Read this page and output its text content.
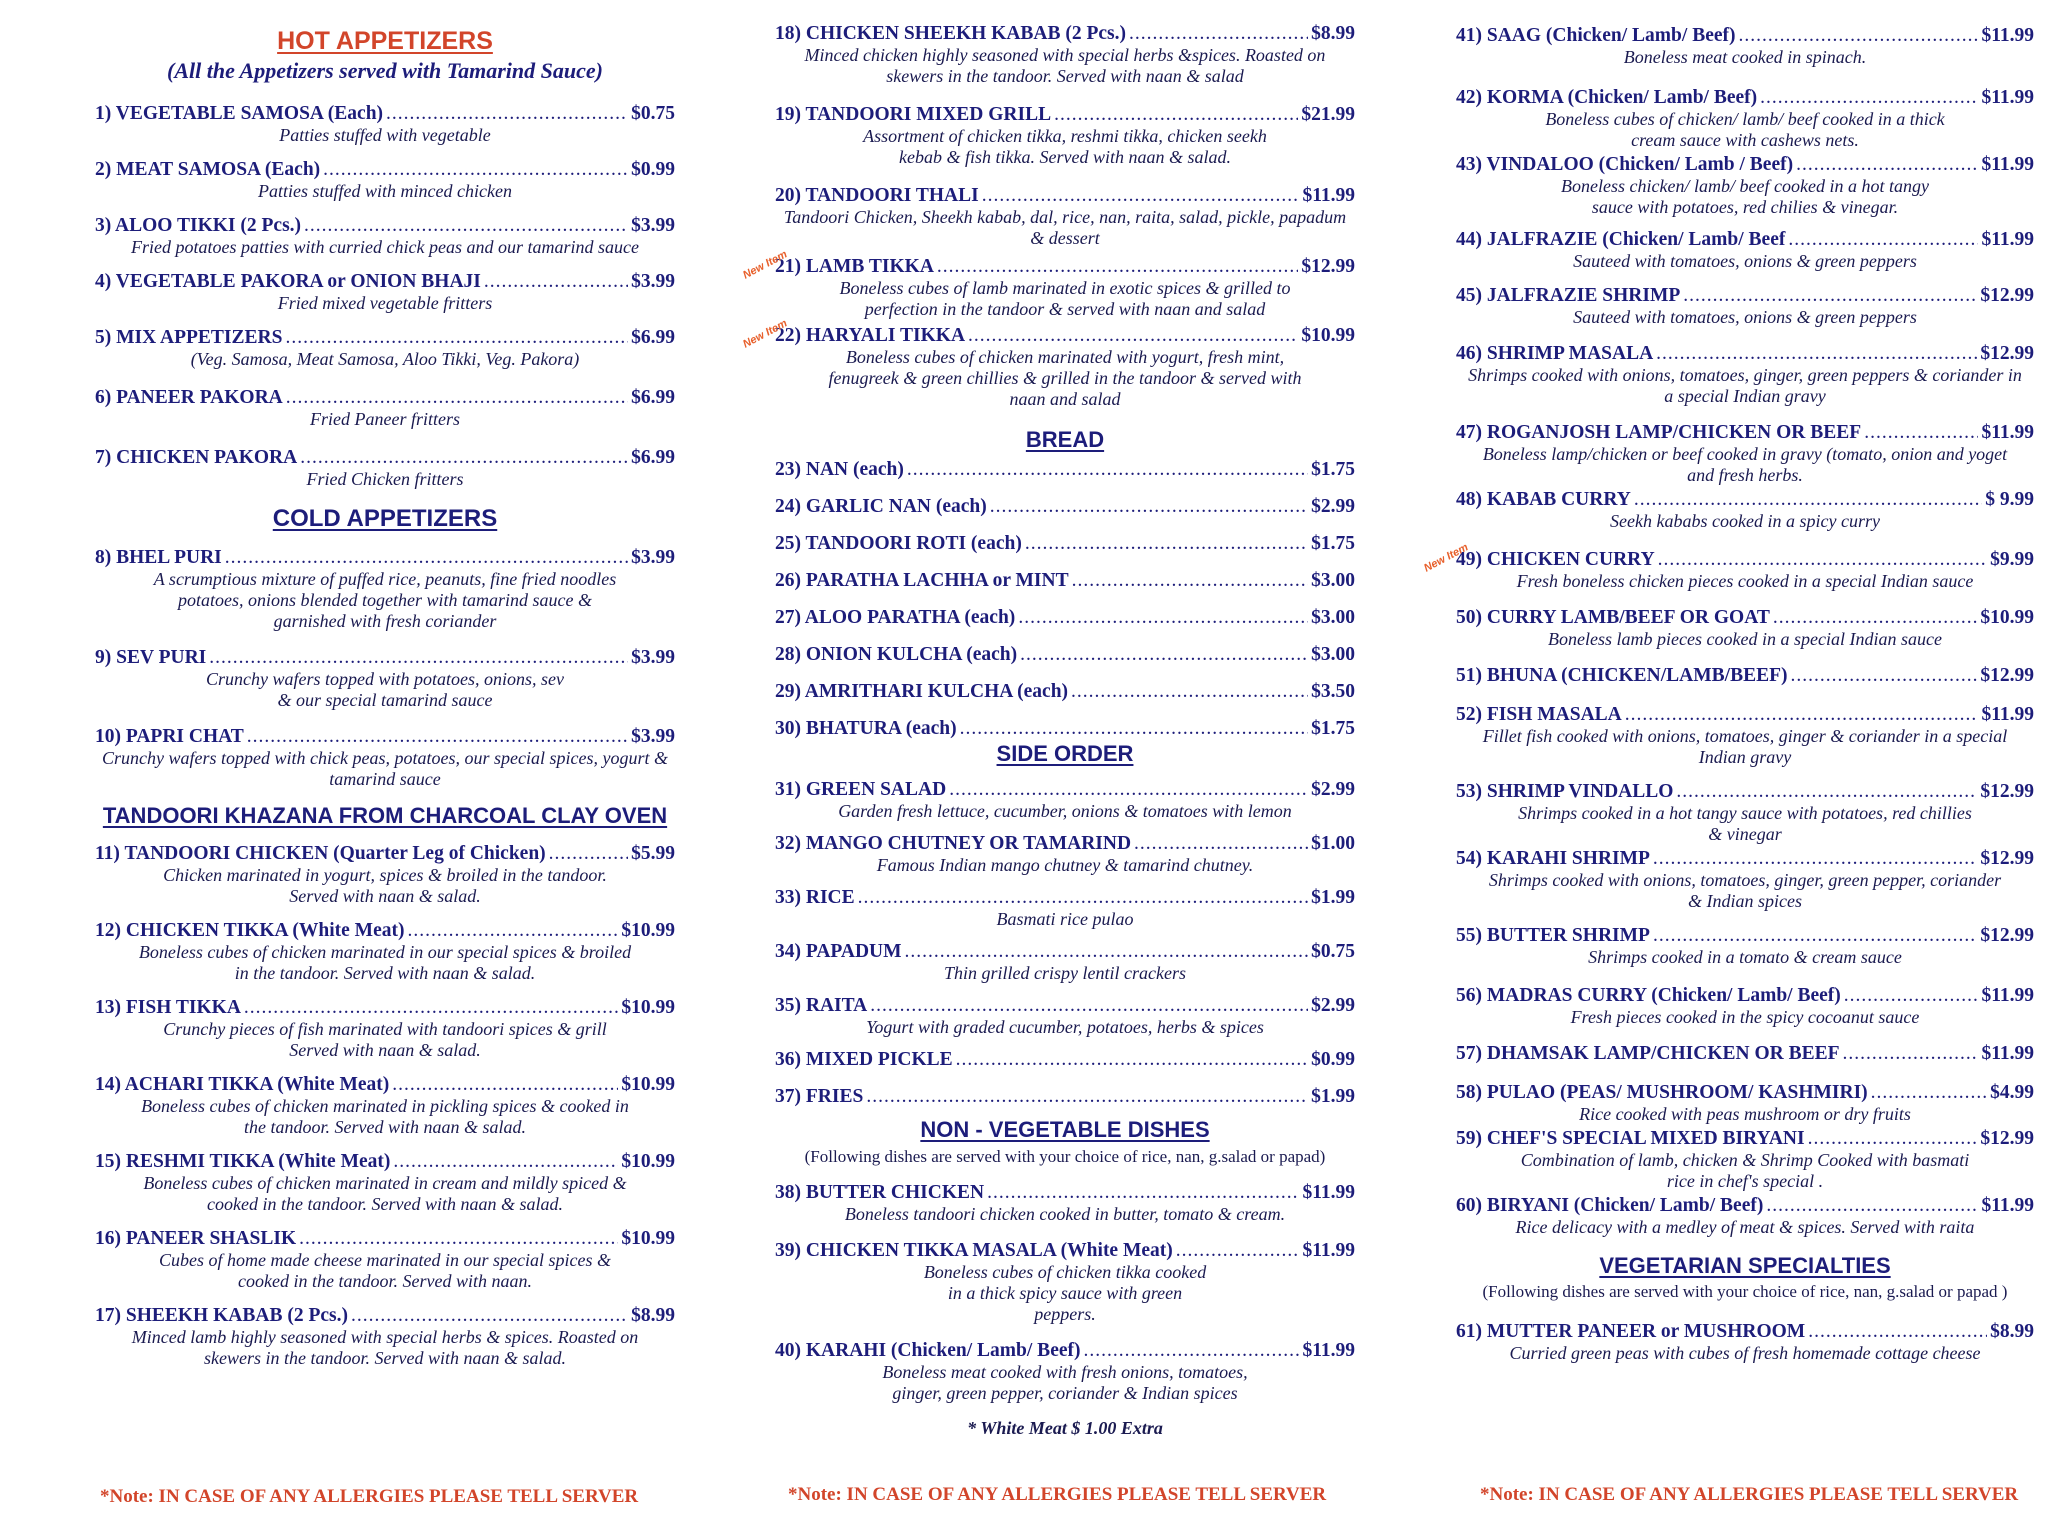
HOT APPETIZERS
(All the Appetizers served with Tamarind Sauce)
1) VEGETABLE SAMOSA (Each) .....	$0.75
Patties stuffed with vegetable
2) MEAT SAMOSA (Each) .....	$0.99
Patties stuffed with minced chicken
3) ALOO TIKKI (2 Pcs.) .....	$3.99
Fried potatoes patties with curried chick peas and our tamarind sauce
4) VEGETABLE PAKORA or ONION BHAJI .....	$3.99
Fried mixed vegetable fritters
5) MIX APPETIZERS .....	$6.99
(Veg. Samosa, Meat Samosa, Aloo Tikki, Veg. Pakora)
6) PANEER PAKORA .....	$6.99
Fried Paneer fritters
7) CHICKEN PAKORA .....	$6.99
Fried Chicken fritters
COLD APPETIZERS
8) BHEL PURI .....	$3.99
A scrumptious mixture of puffed rice, peanuts, fine fried noodles potatoes, onions blended together with tamarind sauce & garnished with fresh coriander
9) SEV PURI .....	$3.99
Crunchy wafers topped with potatoes, onions, sev & our special tamarind sauce
10) PAPRI CHAT .....	$3.99
Crunchy wafers topped with chick peas, potatoes, our special spices, yogurt & tamarind sauce
TANDOORI KHAZANA FROM CHARCOAL CLAY OVEN
11) TANDOORI CHICKEN (Quarter Leg of Chicken) .....	$5.99
Chicken marinated in yogurt, spices & broiled in the tandoor. Served with naan & salad.
12) CHICKEN TIKKA (White Meat) .....	$10.99
Boneless cubes of chicken marinated in our special spices & broiled in the tandoor. Served with naan & salad.
13) FISH TIKKA .....	$10.99
Crunchy pieces of fish marinated with tandoori spices & grill Served with naan & salad.
14) ACHARI TIKKA (White Meat) .....	$10.99
Boneless cubes of chicken marinated in pickling spices & cooked in the tandoor. Served with naan & salad.
15) RESHMI TIKKA (White Meat) .....	$10.99
Boneless cubes of chicken marinated in cream and mildly spiced & cooked in the tandoor. Served with naan & salad.
16) PANEER SHASLIK .....	$10.99
Cubes of home made cheese marinated in our special spices & cooked in the tandoor. Served with naan.
17) SHEEKH KABAB (2 Pcs.) .....	$8.99
Minced lamb highly seasoned with special herbs & spices. Roasted on skewers in the tandoor. Served with naan & salad.
18) CHICKEN SHEEKH KABAB (2 Pcs.) .....	$8.99
Minced chicken highly seasoned with special herbs &spices. Roasted on skewers in the tandoor. Served with naan & salad
19) TANDOORI MIXED GRILL .....	$21.99
Assortment of chicken tikka, reshmi tikka, chicken seekh kebab & fish tikka. Served with naan & salad.
20) TANDOORI THALI .....	$11.99
Tandoori Chicken, Sheekh kabab, dal, rice, nan, raita, salad, pickle, papadum & dessert
New Item
21) LAMB TIKKA .....	$12.99
Boneless cubes of lamb marinated in exotic spices & grilled to perfection in the tandoor & served with naan and salad
New Item
22) HARYALI TIKKA .....	$10.99
Boneless cubes of chicken marinated with yogurt, fresh mint, fenugreek & green chillies & grilled in the tandoor & served with naan and salad
BREAD
23) NAN (each) .....	$1.75
24) GARLIC NAN (each) .....	$2.99
25) TANDOORI ROTI (each) .....	$1.75
26) PARATHA LACHHA or MINT .....	$3.00
27) ALOO PARATHA (each) .....	$3.00
28) ONION KULCHA (each) .....	$3.00
29) AMRITHARI KULCHA (each) .....	$3.50
30) BHATURA (each) .....	$1.75
SIDE ORDER
31) GREEN SALAD .....	$2.99
Garden fresh lettuce, cucumber, onions & tomatoes with lemon
32) MANGO CHUTNEY OR TAMARIND .....	$1.00
Famous Indian mango chutney & tamarind chutney.
33) RICE .....	$1.99
Basmati rice pulao
34) PAPADUM .....	$0.75
Thin grilled crispy lentil crackers
35) RAITA .....	$2.99
Yogurt with graded cucumber, potatoes, herbs & spices
36) MIXED PICKLE .....	$0.99
37) FRIES .....	$1.99
NON - VEGETABLE DISHES
(Following dishes are served with your choice of rice, nan, g.salad or papad)
38) BUTTER CHICKEN .....	$11.99
Boneless tandoori chicken cooked in butter, tomato & cream.
39) CHICKEN TIKKA MASALA (White Meat) .....	$11.99
Boneless cubes of chicken tikka cooked in a thick spicy sauce with green peppers.
40) KARAHI (Chicken/ Lamb/ Beef) .....	$11.99
Boneless meat cooked with fresh onions, tomatoes, ginger, green pepper, coriander & Indian spices
* White Meat $ 1.00 Extra
41) SAAG (Chicken/ Lamb/ Beef) .....	$11.99
Boneless meat cooked in spinach.
42) KORMA (Chicken/ Lamb/ Beef) .....	$11.99
Boneless cubes of chicken/ lamb/ beef cooked in a thick cream sauce with cashews nets.
43) VINDALOO (Chicken/ Lamb / Beef) .....	$11.99
Boneless chicken/ lamb/ beef cooked in a hot tangy sauce with potatoes, red chilies & vinegar.
44) JALFRAZIE (Chicken/ Lamb/ Beef .....	$11.99
Sauteed with tomatoes, onions & green peppers
45) JALFRAZIE SHRIMP .....	$12.99
Sauteed with tomatoes, onions & green peppers
46) SHRIMP MASALA .....	$12.99
Shrimps cooked with onions, tomatoes, ginger, green peppers & coriander in a special Indian gravy
47) ROGANJOSH LAMP/CHICKEN OR BEEF .....	$11.99
Boneless lamp/chicken or beef cooked in gravy (tomato, onion and yoget and fresh herbs.
48) KABAB CURRY .....	$ 9.99
Seekh kababs cooked in a spicy curry
New Item
49) CHICKEN CURRY .....	$9.99
Fresh boneless chicken pieces cooked in a special Indian sauce
50) CURRY LAMB/BEEF OR GOAT .....	$10.99
Boneless lamb pieces cooked in a special Indian sauce
51) BHUNA (CHICKEN/LAMB/BEEF) .....	$12.99
52) FISH MASALA .....	$11.99
Fillet fish cooked with onions, tomatoes, ginger & coriander in a special Indian gravy
53) SHRIMP VINDALLO .....	$12.99
Shrimps cooked in a hot tangy sauce with potatoes, red chillies & vinegar
54) KARAHI SHRIMP .....	$12.99
Shrimps cooked with onions, tomatoes, ginger, green pepper, coriander & Indian spices
55) BUTTER SHRIMP .....	$12.99
Shrimps cooked in a tomato & cream sauce
56) MADRAS CURRY (Chicken/ Lamb/ Beef) .....	$11.99
Fresh pieces cooked in the spicy cocoanut sauce
57) DHAMSAK LAMP/CHICKEN OR BEEF .....	$11.99
58) PULAO (PEAS/ MUSHROOM/ KASHMIRI) .....	$4.99
Rice cooked with peas mushroom or dry fruits
59) CHEF'S SPECIAL MIXED BIRYANI .....	$12.99
Combination of lamb, chicken & Shrimp Cooked with basmati rice in chef's special .
60) BIRYANI (Chicken/ Lamb/ Beef) .....	$11.99
Rice delicacy with a medley of meat & spices. Served with raita
VEGETARIAN SPECIALTIES
(Following dishes are served with your choice of rice, nan, g.salad or papad )
61) MUTTER PANEER or MUSHROOM .....	$8.99
Curried green peas with cubes of fresh homemade cottage cheese
*Note: IN CASE OF ANY ALLERGIES PLEASE TELL SERVER	*Note: IN CASE OF ANY ALLERGIES PLEASE TELL SERVER	*Note: IN CASE OF ANY ALLERGIES PLEASE TELL SERVER
